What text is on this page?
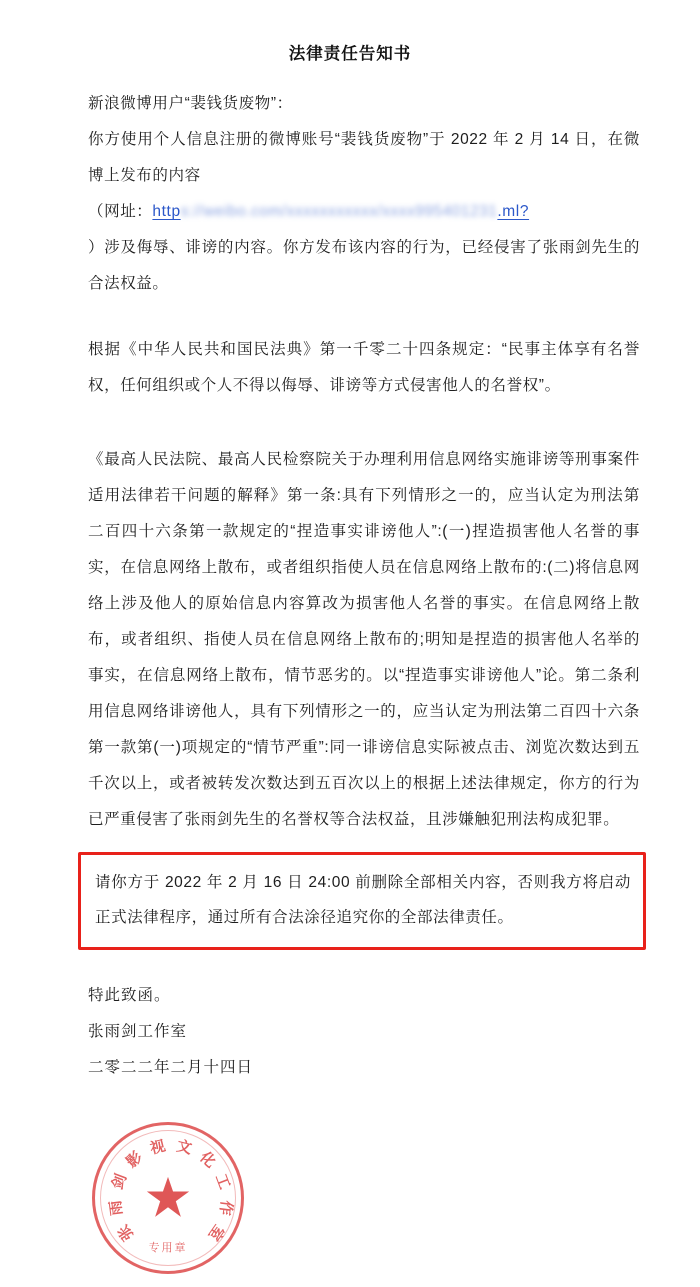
法律责任告知书

新浪微博用户“裴钱货废物”：

你方使用个人信息注册的微博账号“裴钱货废物”于 2022 年 2 月 14 日，在微博上发布的内容

（网址：https://weibo.com/xxxxxxxxxxx/xxxx995401231.ml?

）涉及侮辱、诽谤的内容。你方发布该内容的行为，已经侵害了张雨剑先生的合法权益。

根据《中华人民共和国民法典》第一千零二十四条规定：“民事主体享有名誉权，任何组织或个人不得以侮辱、诽谤等方式侵害他人的名誉权”。

《最高人民法院、最高人民检察院关于办理利用信息网络实施诽谤等刑事案件适用法律若干问题的解释》第一条:具有下列情形之一的，应当认定为刑法第二百四十六条第一款规定的“捏造事实诽谤他人”:(一)捏造损害他人名誉的事实，在信息网络上散布，或者组织指使人员在信息网络上散布的:(二)将信息网络上涉及他人的原始信息内容算改为损害他人名誉的事实。在信息网络上散布，或者组织、指使人员在信息网络上散布的;明知是捏造的损害他人名举的事实，在信息网络上散布，情节恶劣的。以“捏造事实诽谤他人”论。第二条利用信息网络诽谤他人，具有下列情形之一的，应当认定为刑法第二百四十六条第一款第(一)项规定的“情节严重”:同一诽谤信息实际被点击、浏览次数达到五千次以上，或者被转发次数达到五百次以上的根据上述法律规定，你方的行为已严重侵害了张雨剑先生的名誉权等合法权益，且涉嫌触犯刑法构成犯罪。

请你方于 2022 年 2 月 16 日 24:00 前删除全部相关内容，否则我方将启动正式法律程序，通过所有合法涂径追究你的全部法律责任。

特此致函。
张雨剑工作室
二零二二年二月十四日
张
雨
剑
影
视 文
化
工
作
室
专用章
